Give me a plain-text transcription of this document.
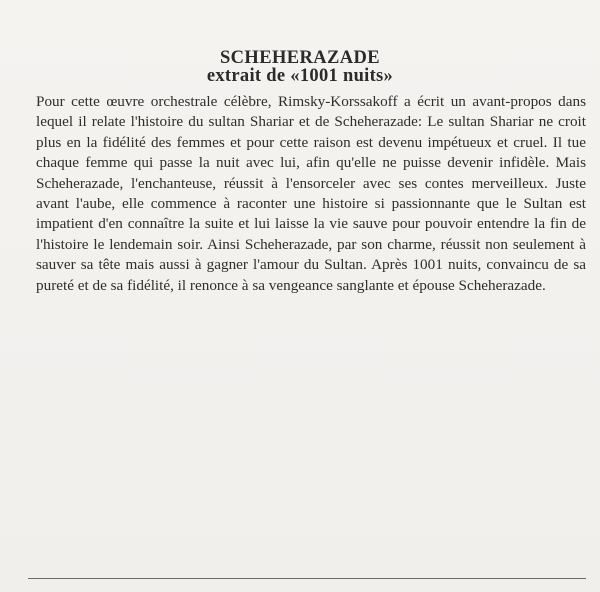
SCHEHERAZADE
extrait de «1001 nuits»
Pour cette œuvre orchestrale célèbre, Rimsky-Korssakoff a écrit un avant-propos dans lequel il relate l'histoire du sultan Shariar et de Scheherazade: Le sultan Shariar ne croit plus en la fidélité des femmes et pour cette raison est devenu impétueux et cruel. Il tue chaque femme qui passe la nuit avec lui, afin qu'elle ne puisse devenir infidèle. Mais Scheherazade, l'enchanteuse, réussit à l'ensorceler avec ses contes merveilleux. Juste avant l'aube, elle commence à raconter une histoire si passionnante que le Sultan est impatient d'en connaître la suite et lui laisse la vie sauve pour pouvoir entendre la fin de l'histoire le lendemain soir. Ainsi Scheherazade, par son charme, réussit non seulement à sauver sa tête mais aussi à gagner l'amour du Sultan. Après 1001 nuits, convaincu de sa pureté et de sa fidélité, il renonce à sa vengeance sanglante et épouse Scheherazade.
